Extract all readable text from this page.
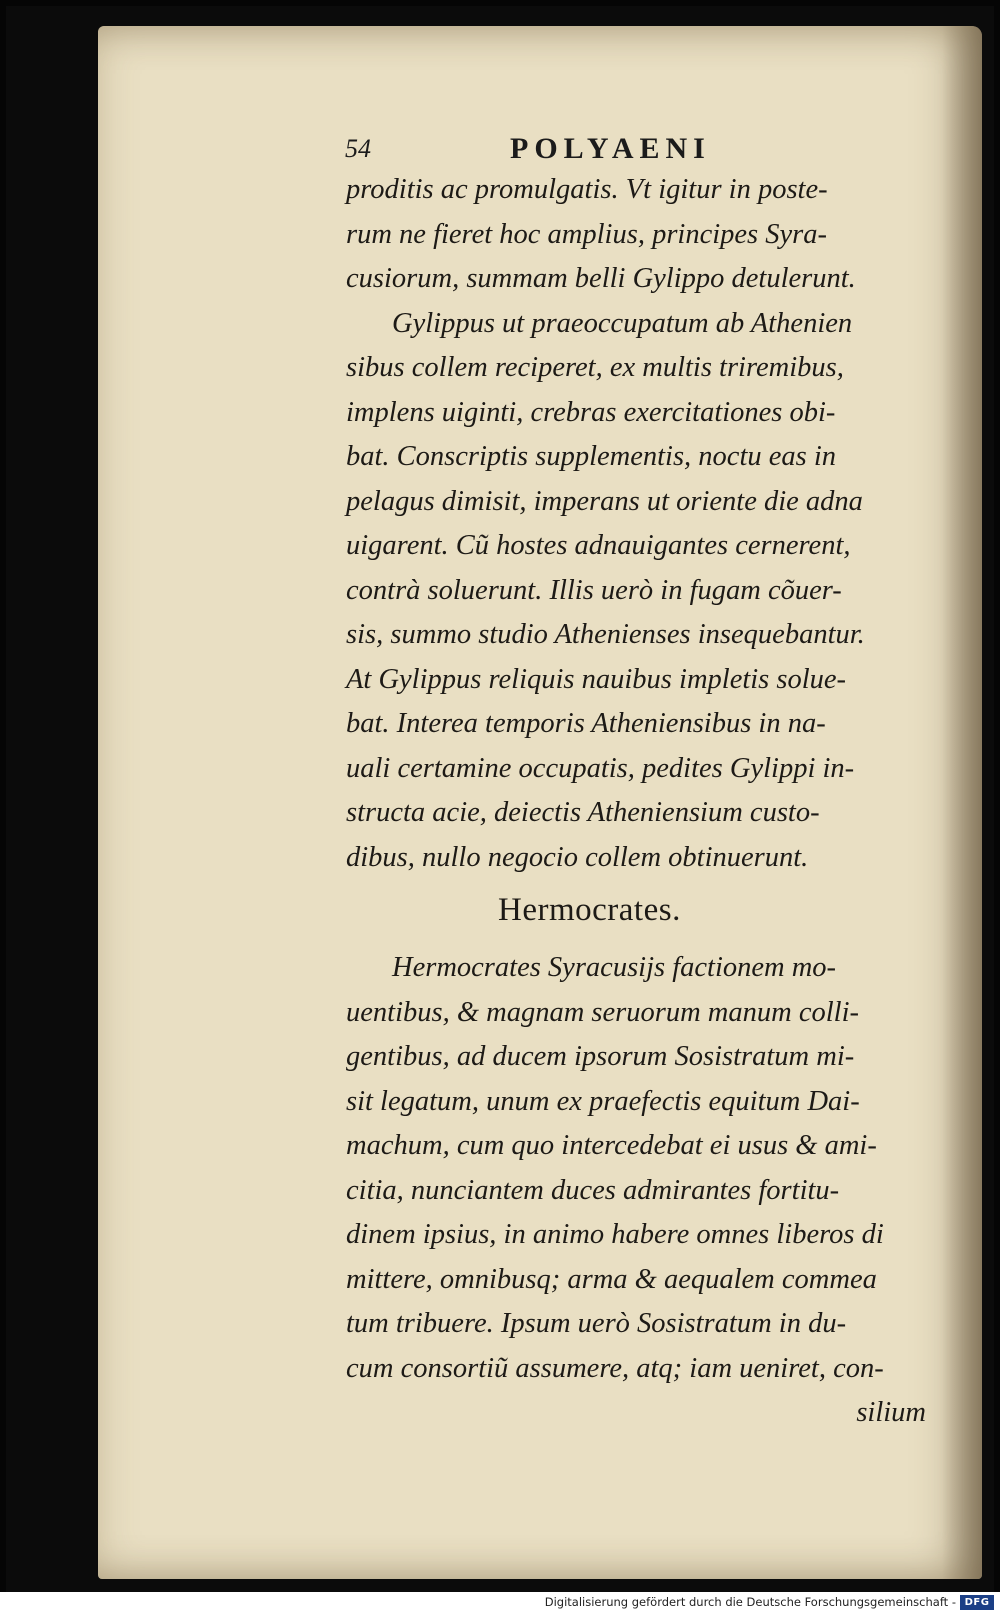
54	POLYAENI
proditis ac promulgatis. Vt igitur in poste-
rum ne fieret hoc amplius, principes Syra-
cusiorum, summam belli Gylippo detulerunt.
Gylippus ut praeoccupatum ab Athenien
sibus collem reciperet, ex multis triremibus,
implens uiginti, crebras exercitationes obi-
bat. Conscriptis supplementis, noctu eas in
pelagus dimisit, imperans ut oriente die adna
uigarent. Cũ hostes adnauigantes cernerent,
contrà soluerunt. Illis uerò in fugam cõuer-
sis, summo studio Athenienses insequebantur.
At Gylippus reliquis nauibus impletis solue-
bat. Interea temporis Atheniensibus in na-
uali certamine occupatis, pedites Gylippi in-
structa acie, deiectis Atheniensium custo-
dibus, nullo negocio collem obtinuerunt.
Hermocrates.
Hermocrates Syracusijs factionem mo-
uentibus, & magnam seruorum manum colli-
gentibus, ad ducem ipsorum Sosistratum mi-
sit legatum, unum ex praefectis equitum Dai-
machum, cum quo intercedebat ei usus & ami-
citia, nunciantem duces admirantes fortitu-
dinem ipsius, in animo habere omnes liberos di
mittere, omnibusq; arma & aequalem commea
tum tribuere. Ipsum uerò Sosistratum in du-
cum consortiũ assumere, atq; iam ueniret, con-
silium
Digitalisierung gefördert durch die Deutsche Forschungsgemeinschaft - DFG
